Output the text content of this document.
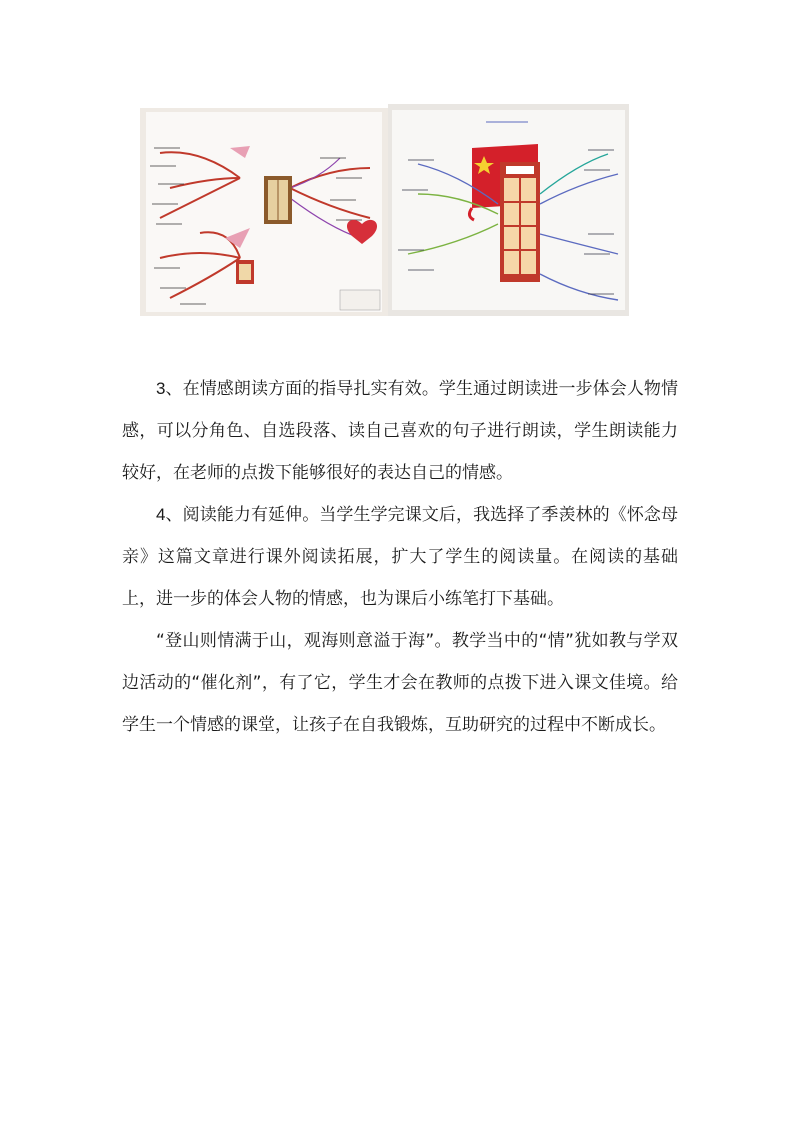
3、在情感朗读方面的指导扎实有效。学生通过朗读进一步体会人物情感，可以分角色、自选段落、读自己喜欢的句子进行朗读，学生朗读能力较好，在老师的点拨下能够很好的表达自己的情感。

4、阅读能力有延伸。当学生学完课文后，我选择了季羡林的《怀念母亲》这篇文章进行课外阅读拓展，扩大了学生的阅读量。在阅读的基础上，进一步的体会人物的情感，也为课后小练笔打下基础。

“登山则情满于山，观海则意溢于海”。教学当中的“情”犹如教与学双边活动的“催化剂”，有了它，学生才会在教师的点拨下进入课文佳境。给学生一个情感的课堂，让孩子在自我锻炼，互助研究的过程中不断成长。
